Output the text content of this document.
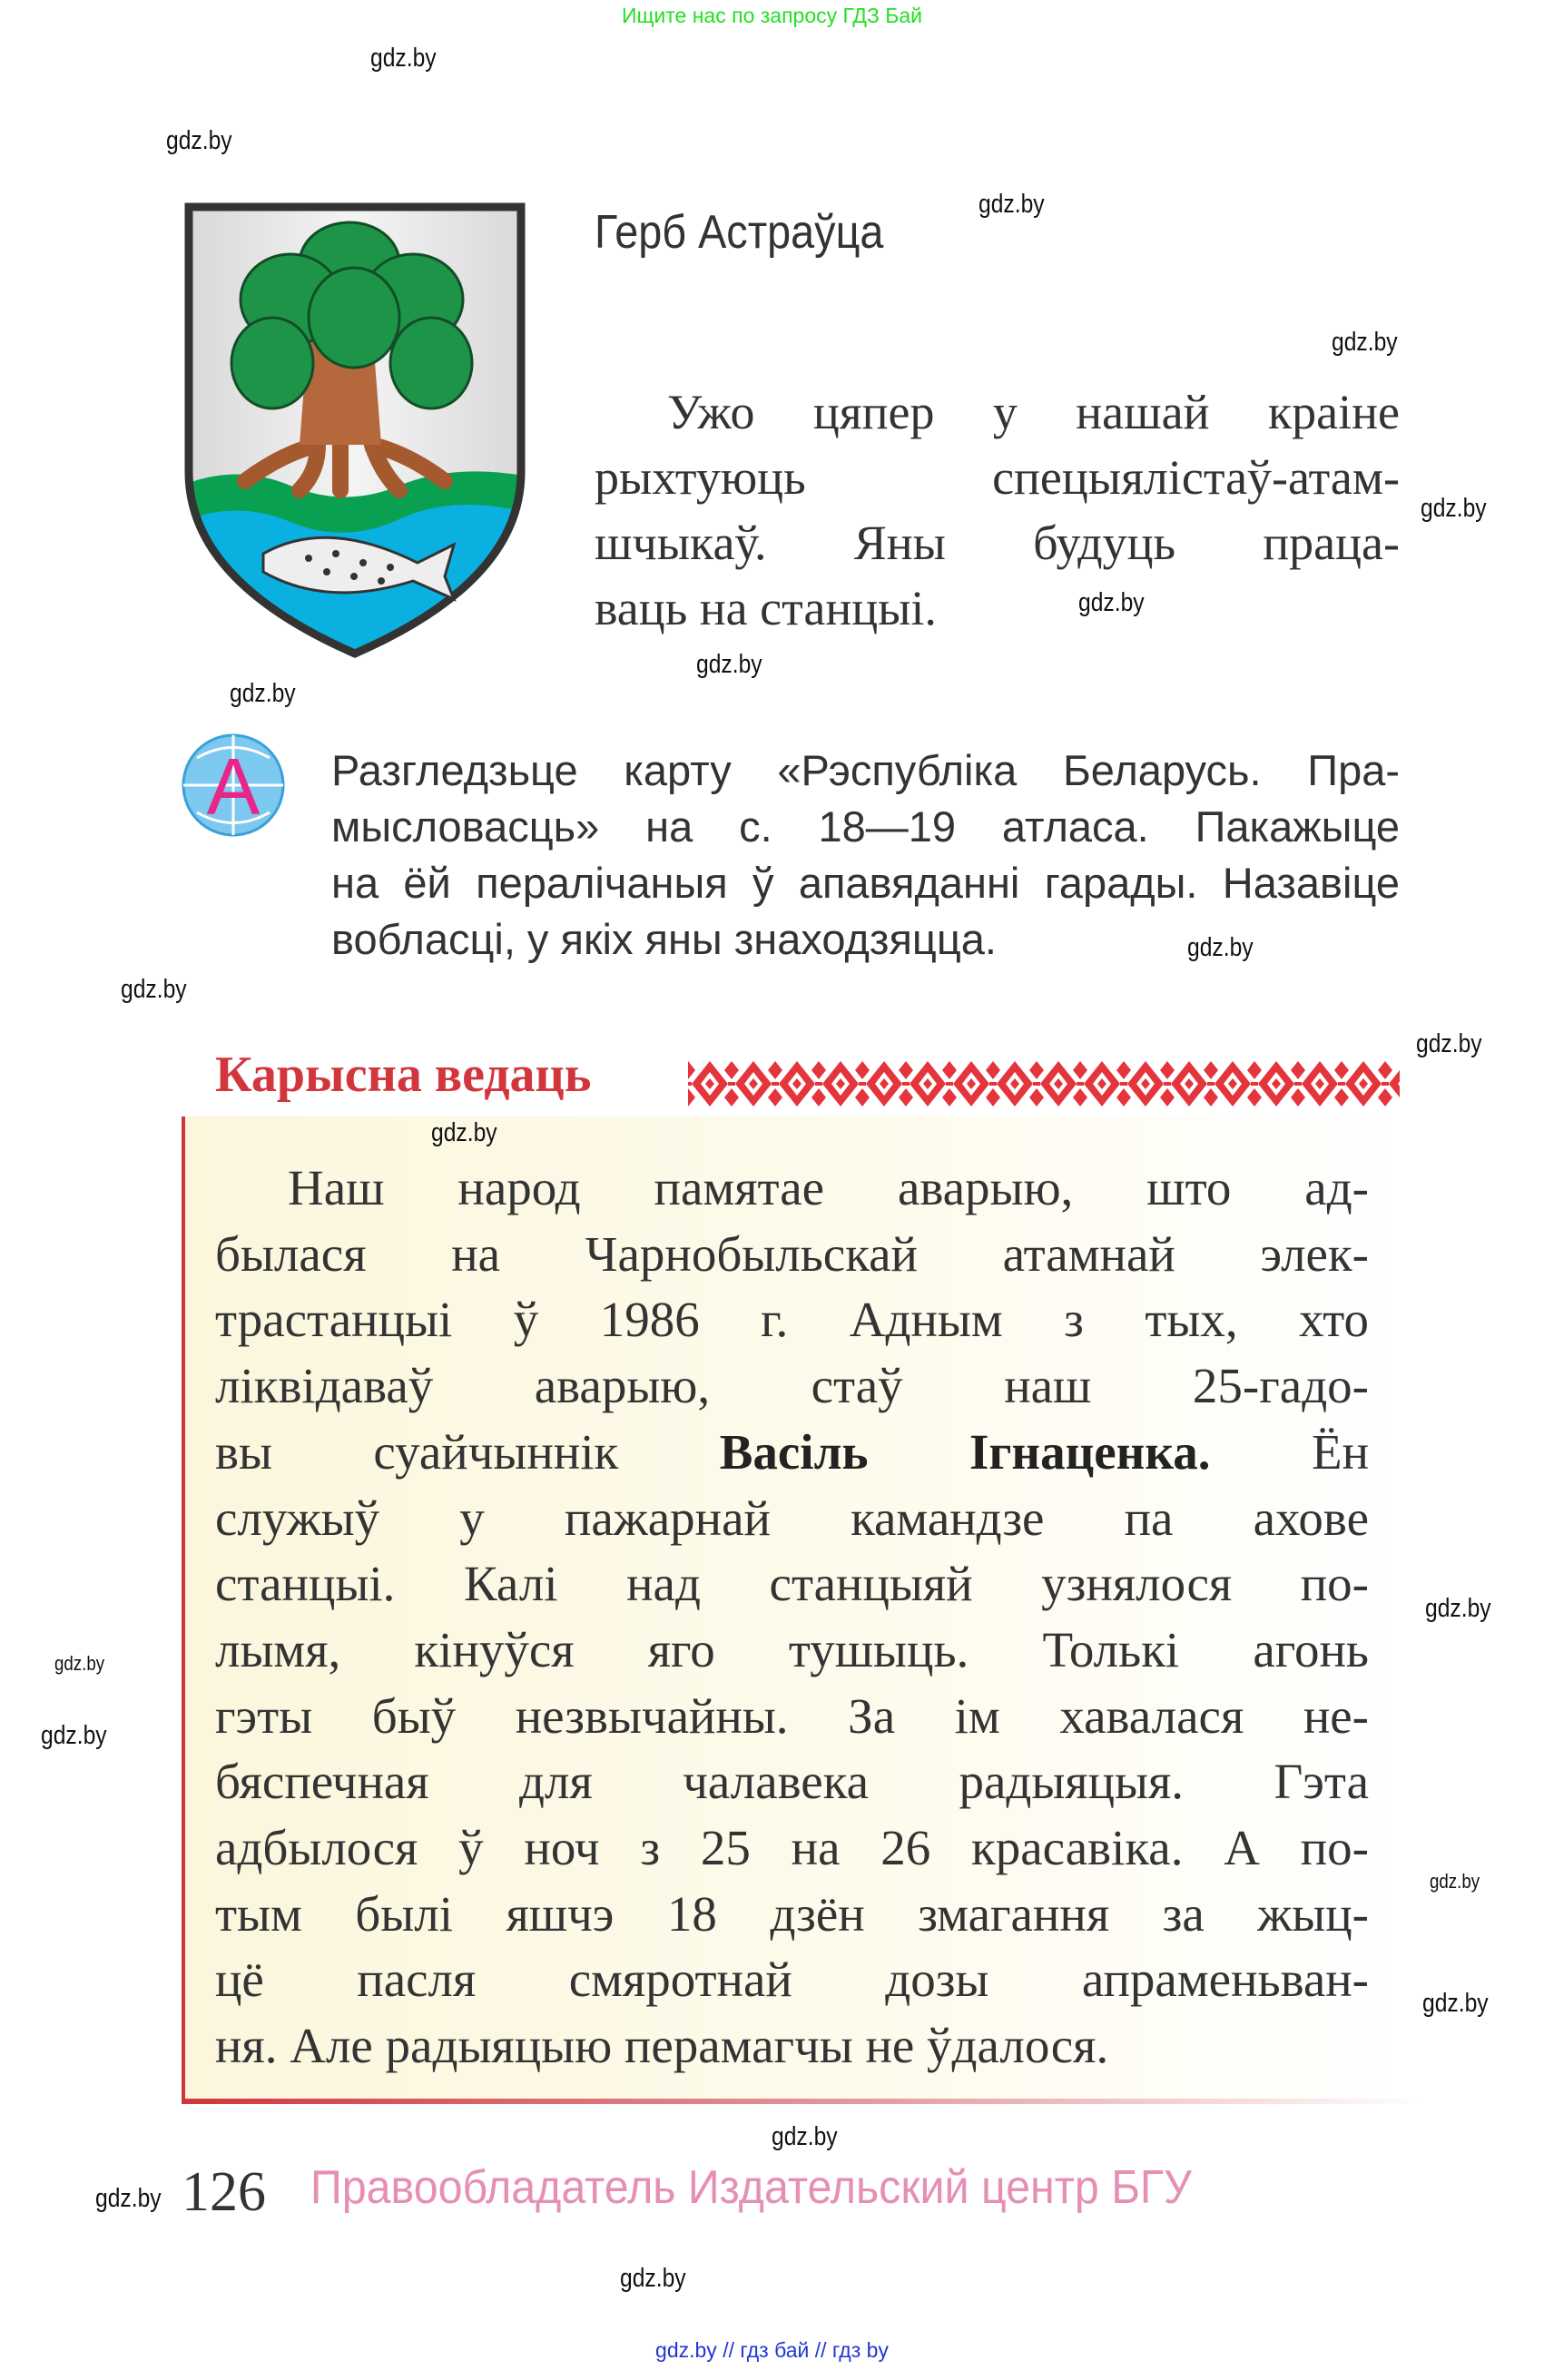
Ищите нас по запросу ГДЗ Бай
Герб Астраўца
Ужо цяпер у нашай краіне
рыхтуюць спецыялістаў-атам-
шчыкаў. Яны будуць праца-
ваць на станцыі.
А Разгледзьце карту «Рэспубліка Беларусь. Пра-
мысловасць» на с. 18—19 атласа. Пакажыце
на ёй пералічаныя ў апавяданні гарады. Назавіце
вобласці, у якіх яны знаходзяцца.
Карысна ведаць
Наш народ памятае аварыю, што ад-
былася на Чарнобыльскай атамнай элек-
трастанцыі ў 1986 г. Адным з тых, хто
ліквідаваў аварыю, стаў наш 25-гадо-
вы суайчыннік Васіль Ігнаценка. Ён
служыў у пажарнай камандзе па ахове
станцыі. Калі над станцыяй узнялося по-
лымя, кінуўся яго тушыць. Толькі агонь
гэты быў незвычайны. За ім хавалася не-
бяспечная для чалавека радыяцыя. Гэта
адбылося ў ноч з 25 на 26 красавіка. А по-
тым былі яшчэ 18 дзён змагання за жыц-
цё пасля смяротнай дозы апраменьван-
ня. Але радыяцыю перамагчы не ўдалося.
126 Правообладатель Издательский центр БГУ
gdz.by // гдз бай // гдз by
gdz.by
gdz.by
gdz.by
gdz.by
gdz.by
gdz.by
gdz.by
gdz.by
gdz.by
gdz.by
gdz.by
gdz.by
gdz.by
gdz.by
gdz.by
gdz.by
gdz.by
gdz.by
gdz.by
gdz.by
